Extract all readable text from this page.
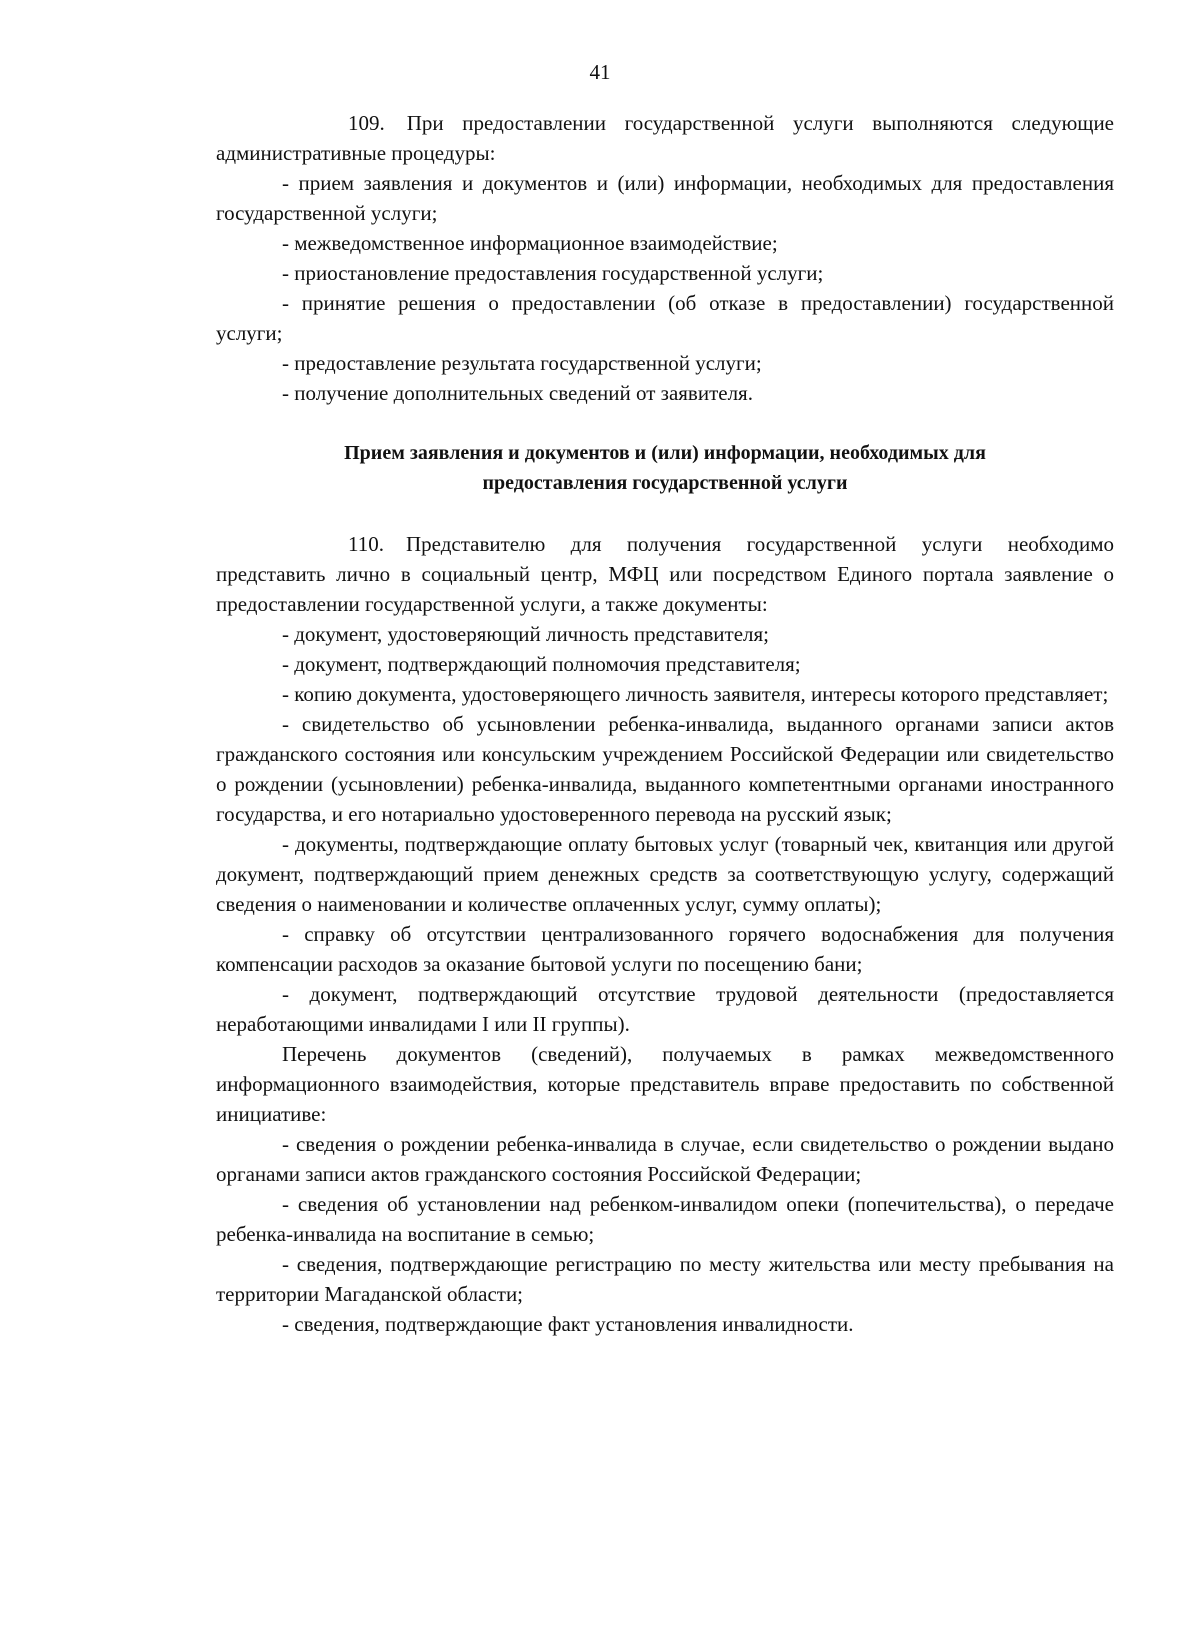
41

109. При предоставлении государственной услуги выполняются следующие административные процедуры:

- прием заявления и документов и (или) информации, необходимых для предоставления государственной услуги;

- межведомственное информационное взаимодействие;

- приостановление предоставления государственной услуги;

- принятие решения о предоставлении (об отказе в предоставлении) государственной услуги;

- предоставление результата государственной услуги;

- получение дополнительных сведений от заявителя.

Прием заявления и документов и (или) информации, необходимых для
предоставления государственной услуги

110. Представителю для получения государственной услуги необходимо представить лично в социальный центр, МФЦ или посредством Единого портала заявление о предоставлении государственной услуги, а также документы:

- документ, удостоверяющий личность представителя;

- документ, подтверждающий полномочия представителя;

- копию документа, удостоверяющего личность заявителя, интересы которого представляет;

- свидетельство об усыновлении ребенка-инвалида, выданного органами записи актов гражданского состояния или консульским учреждением Российской Федерации или свидетельство о рождении (усыновлении) ребенка-инвалида, выданного компетентными органами иностранного государства, и его нотариально удостоверенного перевода на русский язык;

- документы, подтверждающие оплату бытовых услуг (товарный чек, квитанция или другой документ, подтверждающий прием денежных средств за соответствующую услугу, содержащий сведения о наименовании и количестве оплаченных услуг, сумму оплаты);

- справку об отсутствии централизованного горячего водоснабжения для получения компенсации расходов за оказание бытовой услуги по посещению бани;

- документ, подтверждающий отсутствие трудовой деятельности (предоставляется неработающими инвалидами I или II группы).

Перечень документов (сведений), получаемых в рамках межведомственного информационного взаимодействия, которые представитель вправе предоставить по собственной инициативе:

- сведения о рождении ребенка-инвалида в случае, если свидетельство о рождении выдано органами записи актов гражданского состояния Российской Федерации;

- сведения об установлении над ребенком-инвалидом опеки (попечительства), о передаче ребенка-инвалида на воспитание в семью;

- сведения, подтверждающие регистрацию по месту жительства или месту пребывания на территории Магаданской области;

- сведения, подтверждающие факт установления инвалидности.
